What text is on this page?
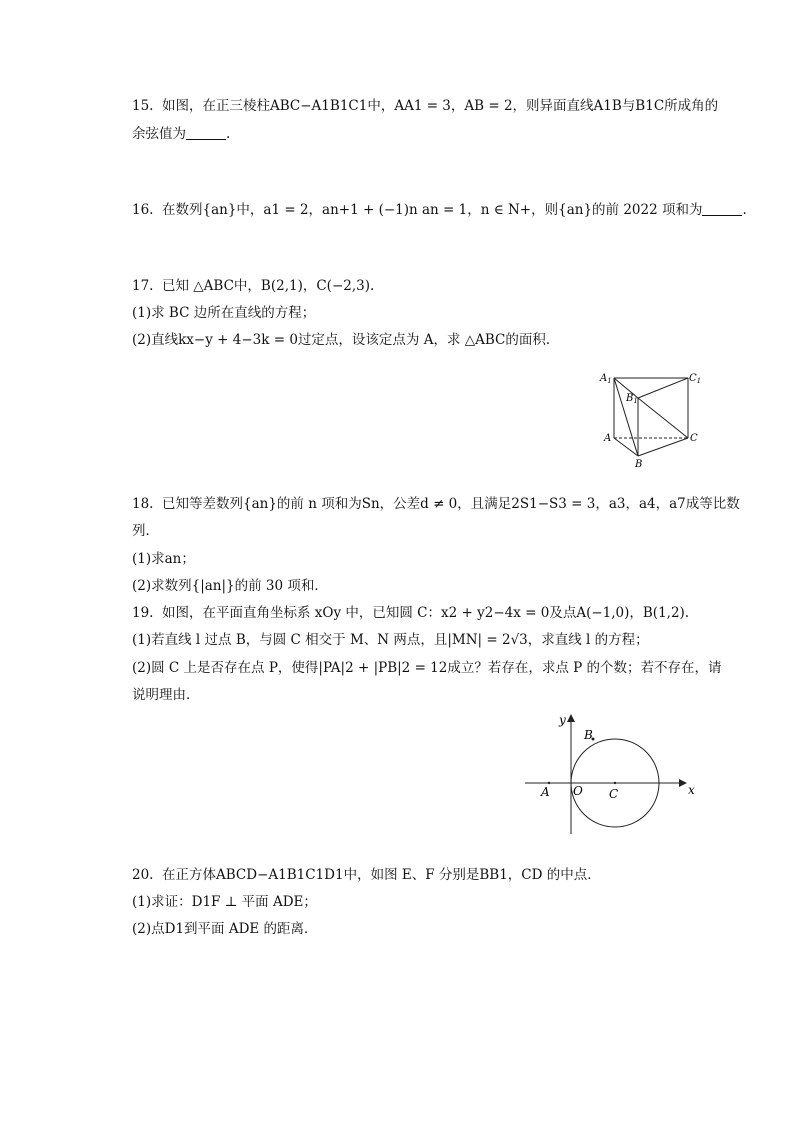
15. 如图，在正三棱柱ABC−A1B1C1中，AA1 = 3，AB = 2，则异面直线A1B与B1C所成角的
余弦值为	.
16. 在数列{an}中，a1 = 2，an+1 + (−1)n an = 1，n ∈ N+，则{an}的前 2022 项和为	.
17. 已知 △ABC中，B(2,1)，C(−2,3).
(1)求 BC 边所在直线的方程；
(2)直线kx−y + 4−3k = 0过定点，设该定点为 A，求 △ABC的面积．
$A_1$	$C_1$
$B_1$
A	C
B
18. 已知等差数列{an}的前 n 项和为Sn，公差d ≠ 0，且满足2S1−S3 = 3，a3，a4，a7成等比数
列．
(1)求an；
(2)求数列{|an|}的前 30 项和．
19. 如图，在平面直角坐标系 xOy 中，已知圆 C：x2 + y2−4x = 0及点A(−1,0)，B(1,2).
(1)若直线 l 过点 B，与圆 C 相交于 M、N 两点，且|MN| = 2√3，求直线 l 的方程；
(2)圆 C 上是否存在点 P，使得|PA|2 + |PB|2 = 12成立？若存在，求点 P 的个数；若不存在，请
说明理由．
y
x
B
A O C
20. 在正方体ABCD−A1B1C1D1中，如图 E、F 分别是BB1，CD 的中点．
(1)求证：D1F ⊥ 平面 ADE；
(2)点D1到平面 ADE 的距离．
